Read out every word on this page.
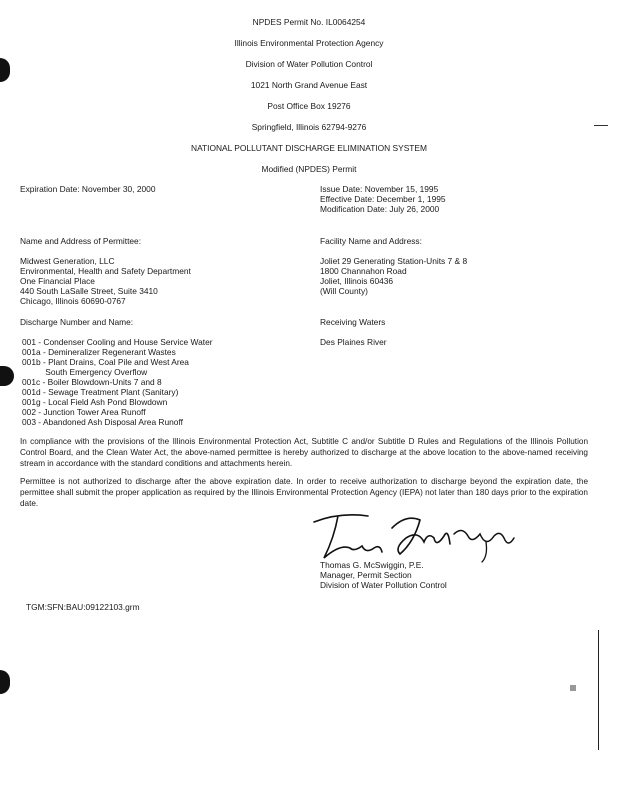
NPDES Permit No. IL0064254
Illinois Environmental Protection Agency
Division of Water Pollution Control
1021 North Grand Avenue East
Post Office Box 19276
Springfield, Illinois 62794-9276
NATIONAL POLLUTANT DISCHARGE ELIMINATION SYSTEM
Modified (NPDES) Permit
Expiration Date: November 30, 2000	Issue Date: November 15, 1995
Effective Date: December 1, 1995
Modification Date: July 26, 2000
Name and Address of Permittee:
Midwest Generation, LLC
Environmental, Health and Safety Department
One Financial Place
440 South LaSalle Street, Suite 3410
Chicago, Illinois 60690-0767
Facility Name and Address:
Joliet 29 Generating Station-Units 7 & 8
1800 Channahon Road
Joliet, Illinois 60436
(Will County)
Discharge Number and Name:	Receiving Waters
001 - Condenser Cooling and House Service Water
001a - Demineralizer Regenerant Wastes
001b - Plant Drains, Coal Pile and West Area
South Emergency Overflow
001c - Boiler Blowdown-Units 7 and 8
001d - Sewage Treatment Plant (Sanitary)
001g - Local Field Ash Pond Blowdown
002 - Junction Tower Area Runoff
003 - Abandoned Ash Disposal Area Runoff
Des Plaines River
In compliance with the provisions of the Illinois Environmental Protection Act, Subtitle C and/or Subtitle D Rules and Regulations of the Illinois Pollution Control Board, and the Clean Water Act, the above-named permittee is hereby authorized to discharge at the above location to the above-named receiving stream in accordance with the standard conditions and attachments herein.
Permittee is not authorized to discharge after the above expiration date. In order to receive authorization to discharge beyond the expiration date, the permittee shall submit the proper application as required by the Illinois Environmental Protection Agency (IEPA) not later than 180 days prior to the expiration date.
Thomas G. McSwiggin, P.E.
Manager, Permit Section
Division of Water Pollution Control
TGM:SFN:BAU:09122103.grm
